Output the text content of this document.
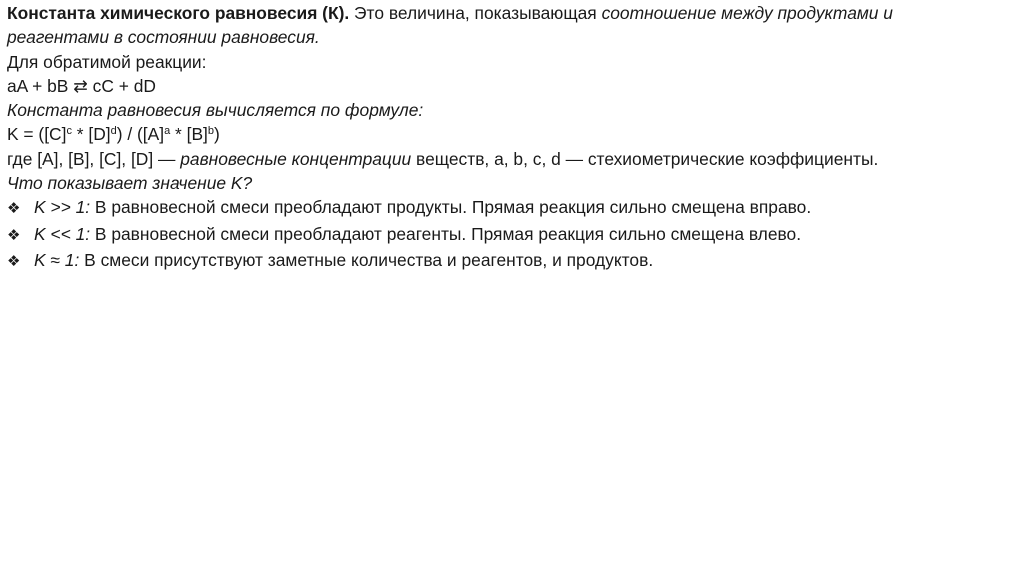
Константа химического равновесия (К). Это величина, показывающая соотношение между продуктами и
реагентами в состоянии равновесия.
Для обратимой реакции:
aA + bB ⇄ cC + dD
Константа равновесия вычисляется по формуле:
$K = ([C]^c * [D]^d) / ([A]^a * [B]^b)$
где [A], [B], [C], [D] — равновесные концентрации веществ, a, b, c, d — стехиометрические коэффициенты.
Что показывает значение K?
❖ K >> 1: В равновесной смеси преобладают продукты. Прямая реакция сильно смещена вправо.
❖ K << 1: В равновесной смеси преобладают реагенты. Прямая реакция сильно смещена влево.
❖ K ≈ 1: В смеси присутствуют заметные количества и реагентов, и продуктов.
